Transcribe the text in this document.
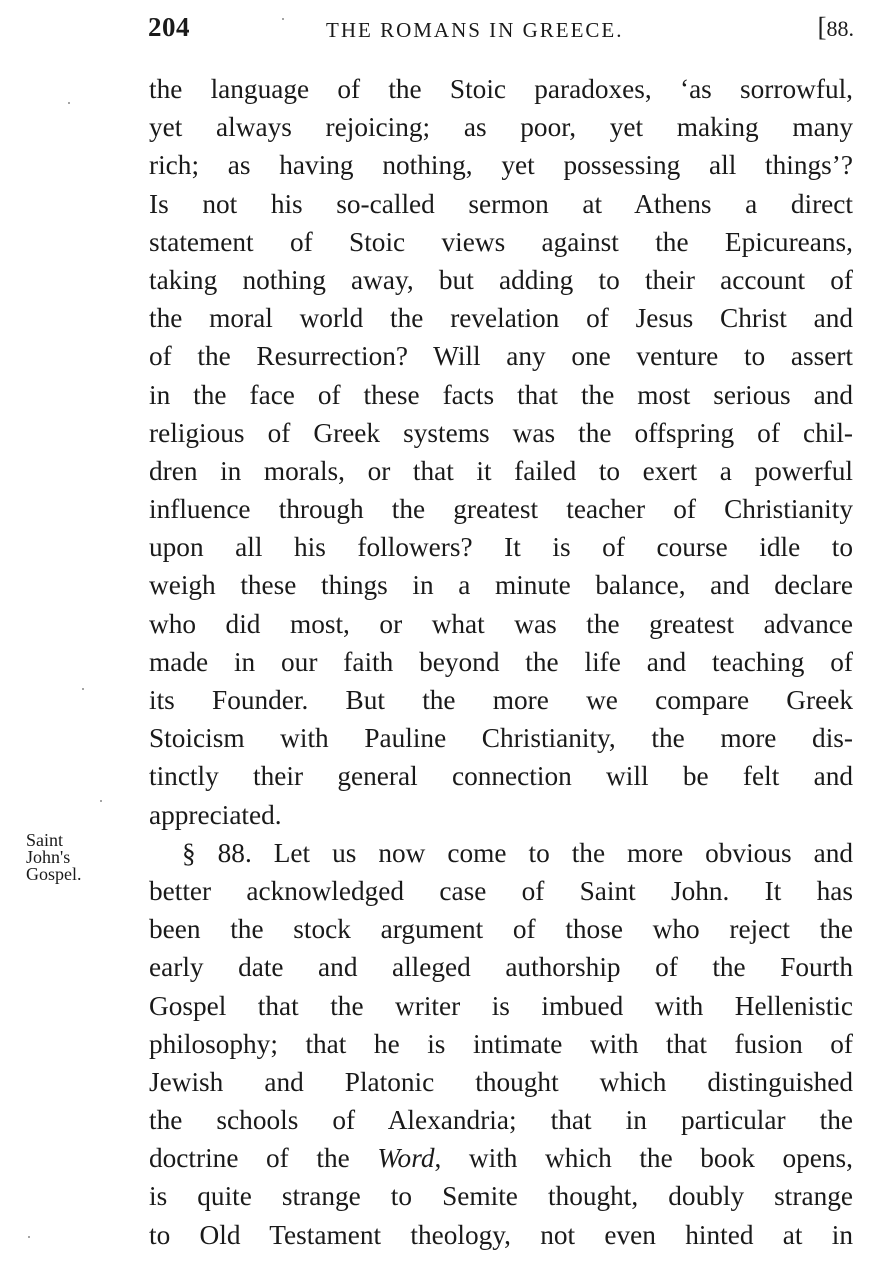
204	THE ROMANS IN GREECE.	[88.
Saint
John's
Gospel.
the language of the Stoic paradoxes, ‘as sorrowful,
yet always rejoicing; as poor, yet making many
rich; as having nothing, yet possessing all things’?
Is not his so-called sermon at Athens a direct
statement of Stoic views against the Epicureans,
taking nothing away, but adding to their account of
the moral world the revelation of Jesus Christ and
of the Resurrection? Will any one venture to assert
in the face of these facts that the most serious and
religious of Greek systems was the offspring of chil-
dren in morals, or that it failed to exert a powerful
influence through the greatest teacher of Christianity
upon all his followers? It is of course idle to
weigh these things in a minute balance, and declare
who did most, or what was the greatest advance
made in our faith beyond the life and teaching of
its Founder. But the more we compare Greek
Stoicism with Pauline Christianity, the more dis-
tinctly their general connection will be felt and
appreciated.
§ 88. Let us now come to the more obvious and
better acknowledged case of Saint John. It has
been the stock argument of those who reject the
early date and alleged authorship of the Fourth
Gospel that the writer is imbued with Hellenistic
philosophy; that he is intimate with that fusion of
Jewish and Platonic thought which distinguished
the schools of Alexandria; that in particular the
doctrine of the Word, with which the book opens,
is quite strange to Semite thought, doubly strange
to Old Testament theology, not even hinted at in
